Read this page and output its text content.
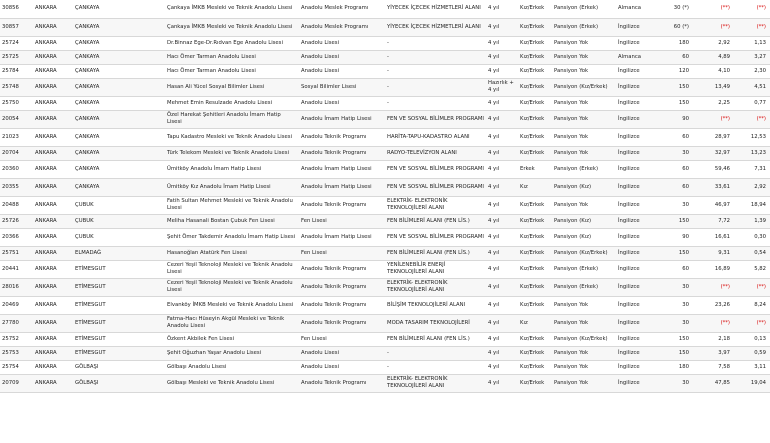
30856	ANKARA	ÇANKAYA	Çankaya İMKB Mesleki ve Teknik Anadolu Lisesi	Anadolu Meslek Programı	YİYECEK İÇECEK HİZMETLERİ ALANI	4 yıl	Kız/Erkek	Pansiyon (Erkek)	Almanca	30 (*)	(**)	(**)
30857	ANKARA	ÇANKAYA	Çankaya İMKB Mesleki ve Teknik Anadolu Lisesi	Anadolu Meslek Programı	YİYECEK İÇECEK HİZMETLERİ ALANI	4 yıl	Kız/Erkek	Pansiyon (Erkek)	İngilizce	60 (*)	(**)	(**)
25724	ANKARA	ÇANKAYA	Dr.Binnaz Ege-Dr.Rıdvan Ege Anadolu Lisesi	Anadolu Lisesi	-	4 yıl	Kız/Erkek	Pansiyon Yok	İngilizce	180	2,92	1,13
25725	ANKARA	ÇANKAYA	Hacı Ömer Tarman Anadolu Lisesi	Anadolu Lisesi	-	4 yıl	Kız/Erkek	Pansiyon Yok	Almanca	60	4,89	3,27
25784	ANKARA	ÇANKAYA	Hacı Ömer Tarman Anadolu Lisesi	Anadolu Lisesi	-	4 yıl	Kız/Erkek	Pansiyon Yok	İngilizce	120	4,10	2,30
25748	ANKARA	ÇANKAYA	Hasan Ali Yücel Sosyal Bilimler Lisesi	Sosyal Bilimler Lisesi	-	Hazırlık + 4 yıl	Kız/Erkek	Pansiyon (Kız/Erkek)	İngilizce	150	13,49	4,51
25750	ANKARA	ÇANKAYA	Mehmet Emin Resulzade Anadolu Lisesi	Anadolu Lisesi	-	4 yıl	Kız/Erkek	Pansiyon Yok	İngilizce	150	2,25	0,77
20054	ANKARA	ÇANKAYA	Özel Harekat Şehitleri Anadolu İmam Hatip Lisesi	Anadolu İmam Hatip Lisesi	FEN VE SOSYAL BİLİMLER PROGRAMI	4 yıl	Kız/Erkek	Pansiyon Yok	İngilizce	90	(**)	(**)
21023	ANKARA	ÇANKAYA	Tapu Kadastro Mesleki ve Teknik Anadolu Lisesi	Anadolu Teknik Programı	HARİTA-TAPU-KADASTRO ALANI	4 yıl	Kız/Erkek	Pansiyon Yok	İngilizce	60	28,97	12,53
20704	ANKARA	ÇANKAYA	Türk Telekom Mesleki ve Teknik Anadolu Lisesi	Anadolu Teknik Programı	RADYO-TELEVİZYON ALANI	4 yıl	Kız/Erkek	Pansiyon Yok	İngilizce	30	32,97	13,23
20360	ANKARA	ÇANKAYA	Ümitköy Anadolu İmam Hatip Lisesi	Anadolu İmam Hatip Lisesi	FEN VE SOSYAL BİLİMLER PROGRAMI	4 yıl	Erkek	Pansiyon (Erkek)	İngilizce	60	59,46	7,31
20355	ANKARA	ÇANKAYA	Ümitköy Kız Anadolu İmam Hatip Lisesi	Anadolu İmam Hatip Lisesi	FEN VE SOSYAL BİLİMLER PROGRAMI	4 yıl	Kız	Pansiyon (Kız)	İngilizce	60	33,61	2,92
20488	ANKARA	ÇUBUK	Fatih Sultan Mehmet Mesleki ve Teknik Anadolu Lisesi	Anadolu Teknik Programı	ELEKTRİK- ELEKTRONİK TEKNOLOJİLERİ ALANI	4 yıl	Kız/Erkek	Pansiyon Yok	İngilizce	30	46,97	18,94
25726	ANKARA	ÇUBUK	Meliha Hasanali Bostan Çubuk Fen Lisesi	Fen Lisesi	FEN BİLİMLERİ ALANI (FEN LİS.)	4 yıl	Kız/Erkek	Pansiyon (Kız)	İngilizce	150	7,72	1,39
20366	ANKARA	ÇUBUK	Şehit Ömer Takdemir Anadolu İmam Hatip Lisesi	Anadolu İmam Hatip Lisesi	FEN VE SOSYAL BİLİMLER PROGRAMI	4 yıl	Kız/Erkek	Pansiyon (Kız)	İngilizce	90	16,61	0,30
25751	ANKARA	ELMADAĞ	Hasanoğlan Atatürk Fen Lisesi	Fen Lisesi	FEN BİLİMLERİ ALANI (FEN LİS.)	4 yıl	Kız/Erkek	Pansiyon (Kız/Erkek)	İngilizce	150	9,31	0,54
20441	ANKARA	ETİMESGUT	Cezeri Yeşil Teknoloji Mesleki ve Teknik Anadolu Lisesi	Anadolu Teknik Programı	YENİLENEBİLİR ENERJİ TEKNOLOJİLERİ ALANI	4 yıl	Kız/Erkek	Pansiyon (Erkek)	İngilizce	60	16,89	5,82
28016	ANKARA	ETİMESGUT	Cezeri Yeşil Teknoloji Mesleki ve Teknik Anadolu Lisesi	Anadolu Teknik Programı	ELEKTRİK- ELEKTRONİK TEKNOLOJİLERİ ALANI	4 yıl	Kız/Erkek	Pansiyon (Erkek)	İngilizce	30	(**)	(**)
20469	ANKARA	ETİMESGUT	Elvanköy İMKB Mesleki ve Teknik Anadolu Lisesi	Anadolu Teknik Programı	BİLİŞİM TEKNOLOJİLERİ ALANI	4 yıl	Kız/Erkek	Pansiyon Yok	İngilizce	30	23,26	8,24
27780	ANKARA	ETİMESGUT	Fatma-Hacı Hüseyin Akgül Mesleki ve Teknik Anadolu Lisesi	Anadolu Teknik Programı	MODA TASARIM TEKNOLOJİLERİ	4 yıl	Kız	Pansiyon Yok	İngilizce	30	(**)	(**)
25752	ANKARA	ETİMESGUT	Özkent Akbilek Fen Lisesi	Fen Lisesi	FEN BİLİMLERİ ALANI (FEN LİS.)	4 yıl	Kız/Erkek	Pansiyon (Kız/Erkek)	İngilizce	150	2,18	0,13
25753	ANKARA	ETİMESGUT	Şehit Oğuzhan Yaşar Anadolu Lisesi	Anadolu Lisesi	-	4 yıl	Kız/Erkek	Pansiyon Yok	İngilizce	150	3,97	0,59
25754	ANKARA	GÖLBAŞI	Gölbaşı Anadolu Lisesi	Anadolu Lisesi	-	4 yıl	Kız/Erkek	Pansiyon Yok	İngilizce	180	7,58	3,11
20709	ANKARA	GÖLBAŞI	Gölbaşı Mesleki ve Teknik Anadolu Lisesi	Anadolu Teknik Programı	ELEKTRİK- ELEKTRONİK TEKNOLOJİLERİ ALANI	4 yıl	Kız/Erkek	Pansiyon Yok	İngilizce	30	47,85	19,04
